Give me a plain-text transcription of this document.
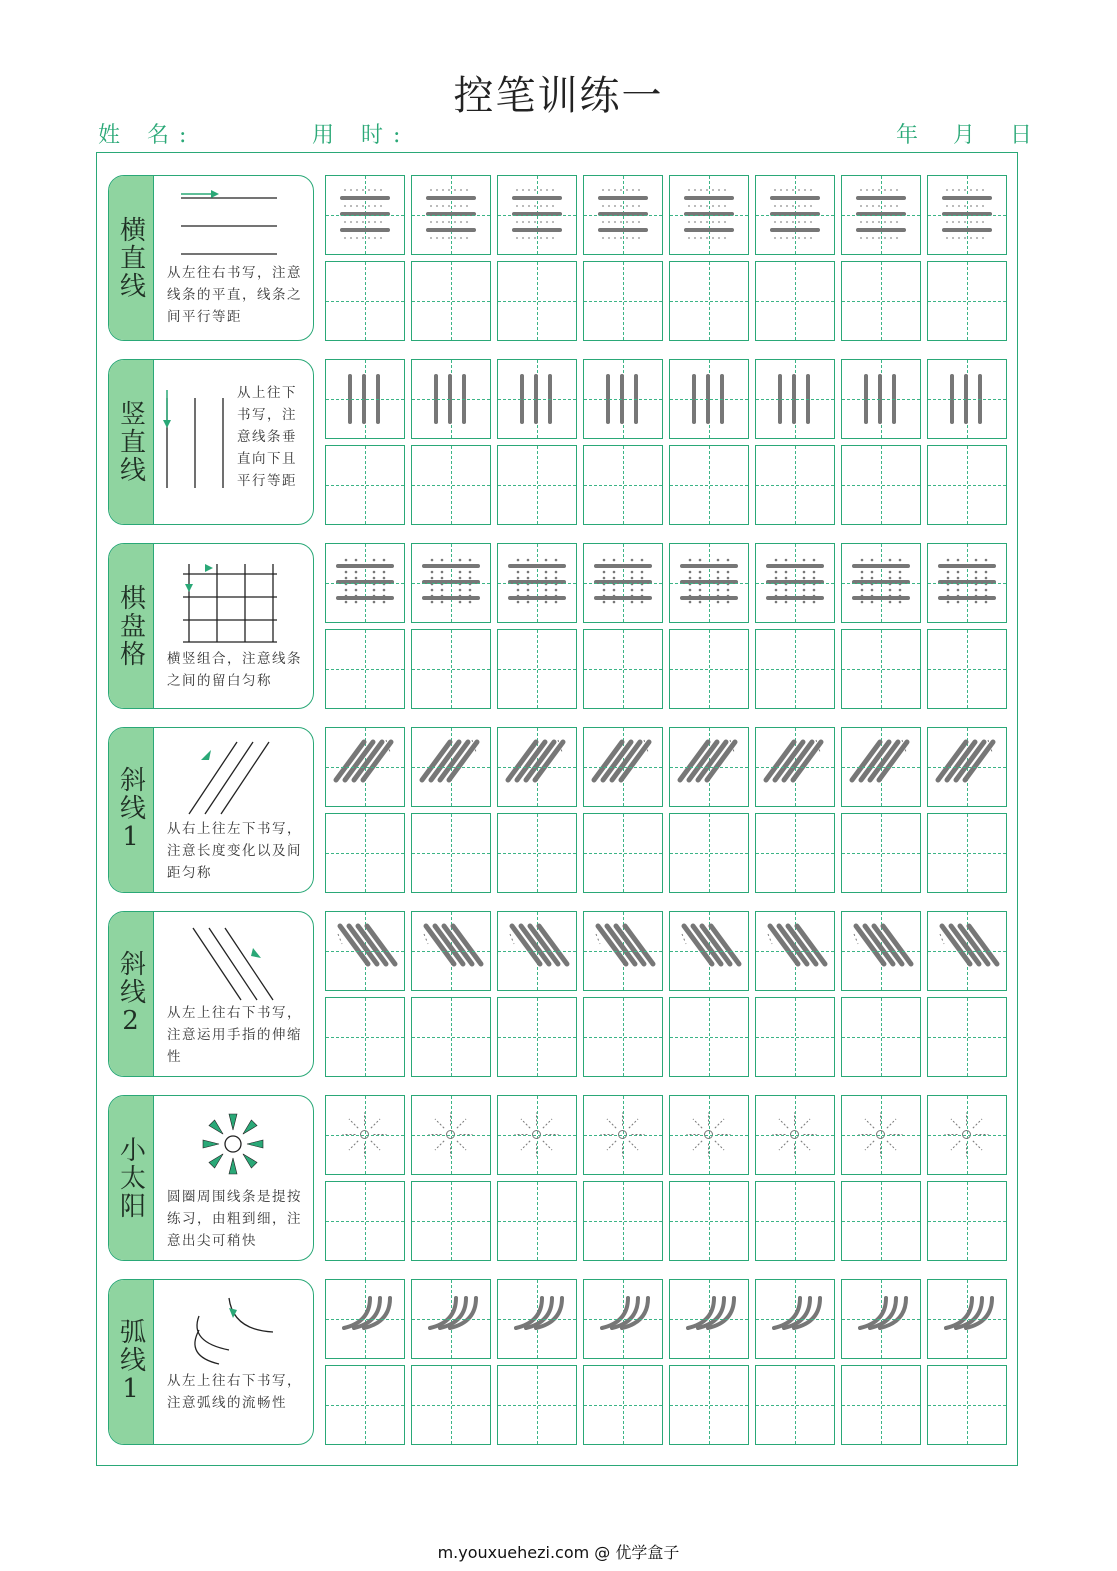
控笔训练一
姓 名:	用 时:	年 月 日
横直线 从左往右书写，注意线条的平直，线条之间平行等距
竖直线
从上往下书写，注意线条垂直向下且平行等距
棋盘格 横竖组合，注意线条之间的留白匀称
斜线1 从右上往左下书写，注意长度变化以及间距匀称
斜线2 从左上往右下书写，注意运用手指的伸缩性
小太阳 圆圈周围线条是提按练习，由粗到细，注意出尖可稍快
弧线1 从左上往右下书写，注意弧线的流畅性
m.youxuehezi.com @ 优学盒子
